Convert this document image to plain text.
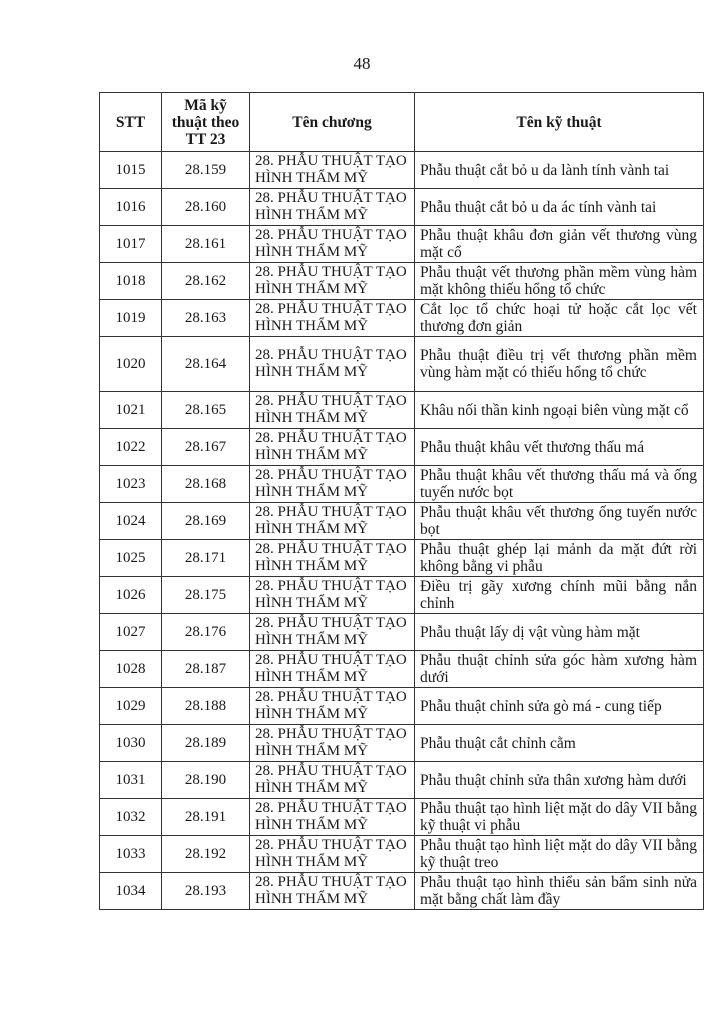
48
STT	Mã kỹ thuật theo TT 23	Tên chương	Tên kỹ thuật
1015	28.159	28. PHẪU THUẬT TẠO HÌNH THẨM MỸ	Phẫu thuật cắt bỏ u da lành tính vành tai
1016	28.160	28. PHẪU THUẬT TẠO HÌNH THẨM MỸ	Phẫu thuật cắt bỏ u da ác tính vành tai
1017	28.161	28. PHẪU THUẬT TẠO HÌNH THẨM MỸ	Phẫu thuật khâu đơn giản vết thương vùng mặt cổ
1018	28.162	28. PHẪU THUẬT TẠO HÌNH THẨM MỸ	Phẫu thuật vết thương phần mềm vùng hàm mặt không thiếu hổng tổ chức
1019	28.163	28. PHẪU THUẬT TẠO HÌNH THẨM MỸ	Cắt lọc tổ chức hoại tử hoặc cắt lọc vết thương đơn giản
1020	28.164	28. PHẪU THUẬT TẠO HÌNH THẨM MỸ	Phẫu thuật điều trị vết thương phần mềm vùng hàm mặt có thiếu hổng tổ chức
1021	28.165	28. PHẪU THUẬT TẠO HÌNH THẨM MỸ	Khâu nối thần kinh ngoại biên vùng mặt cổ
1022	28.167	28. PHẪU THUẬT TẠO HÌNH THẨM MỸ	Phẫu thuật khâu vết thương thấu má
1023	28.168	28. PHẪU THUẬT TẠO HÌNH THẨM MỸ	Phẫu thuật khâu vết thương thấu má và ống tuyến nước bọt
1024	28.169	28. PHẪU THUẬT TẠO HÌNH THẨM MỸ	Phẫu thuật khâu vết thương ống tuyến nước bọt
1025	28.171	28. PHẪU THUẬT TẠO HÌNH THẨM MỸ	Phẫu thuật ghép lại mảnh da mặt đứt rời không bằng vi phẫu
1026	28.175	28. PHẪU THUẬT TẠO HÌNH THẨM MỸ	Điều trị gãy xương chính mũi bằng nắn chỉnh
1027	28.176	28. PHẪU THUẬT TẠO HÌNH THẨM MỸ	Phẫu thuật lấy dị vật vùng hàm mặt
1028	28.187	28. PHẪU THUẬT TẠO HÌNH THẨM MỸ	Phẫu thuật chỉnh sửa góc hàm xương hàm dưới
1029	28.188	28. PHẪU THUẬT TẠO HÌNH THẨM MỸ	Phẫu thuật chỉnh sửa gò má - cung tiếp
1030	28.189	28. PHẪU THUẬT TẠO HÌNH THẨM MỸ	Phẫu thuật cắt chỉnh cằm
1031	28.190	28. PHẪU THUẬT TẠO HÌNH THẨM MỸ	Phẫu thuật chỉnh sửa thân xương hàm dưới
1032	28.191	28. PHẪU THUẬT TẠO HÌNH THẨM MỸ	Phẫu thuật tạo hình liệt mặt do dây VII bằng kỹ thuật vi phẫu
1033	28.192	28. PHẪU THUẬT TẠO HÌNH THẨM MỸ	Phẫu thuật tạo hình liệt mặt do dây VII bằng kỹ thuật treo
1034	28.193	28. PHẪU THUẬT TẠO HÌNH THẨM MỸ	Phẫu thuật tạo hình thiểu sản bẩm sinh nửa mặt bằng chất làm đầy
